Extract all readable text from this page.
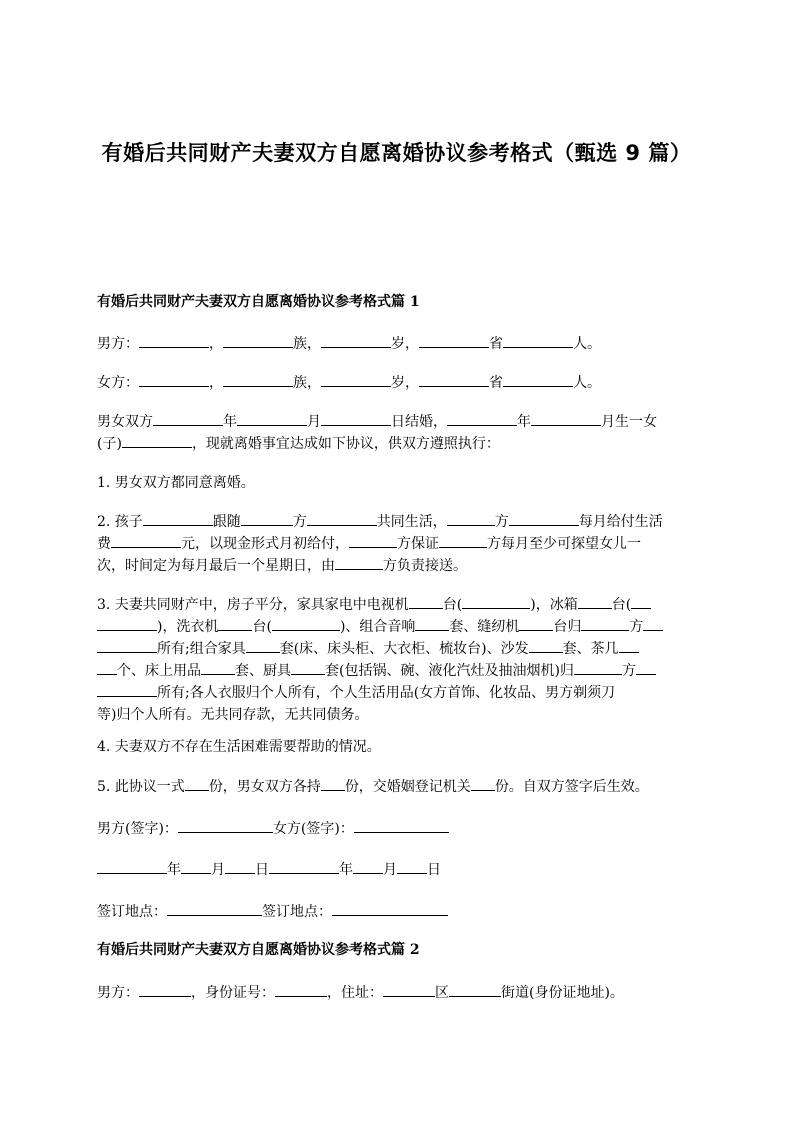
有婚后共同财产夫妻双方自愿离婚协议参考格式（甄选 9 篇）
有婚后共同财产夫妻双方自愿离婚协议参考格式篇 1
男方：	，	族，	岁，	省	人。
女方：	，	族，	岁，	省	人。
男女双方	年	月	日结婚，	年	月生一女
(子)	，现就离婚事宜达成如下协议，供双方遵照执行：
1. 男女双方都同意离婚。
2. 孩子	跟随	方	共同生活，	方	每月给付生活
费	元，以现金形式月初给付，	方保证	方每月至少可探望女儿一
次，时间定为每月最后一个星期日，由	方负责接送。
3. 夫妻共同财产中，房子平分，家具家电中电视机 台(	)，冰箱 台(
)，洗衣机 台(	)、组合音响 套、缝纫机 台归	方
所有;组合家具 套(床、床头柜、大衣柜、梳妆台)、沙发 套、茶几
个、床上用品 套、厨具 套(包括锅、碗、液化汽灶及抽油烟机)归	方
所有;各人衣服归个人所有，个人生活用品(女方首饰、化妆品、男方剃须刀
等)归个人所有。无共同存款，无共同债务。
4. 夫妻双方不存在生活困难需要帮助的情况。
5. 此协议一式 份，男女双方各持 份，交婚姻登记机关 份。自双方签字后生效。
男方(签字)：	女方(签字)：
年 月 日	年 月 日
签订地点：	签订地点：
有婚后共同财产夫妻双方自愿离婚协议参考格式篇 2
男方：	，身份证号：	，住址：	区	街道(身份证地址)。
